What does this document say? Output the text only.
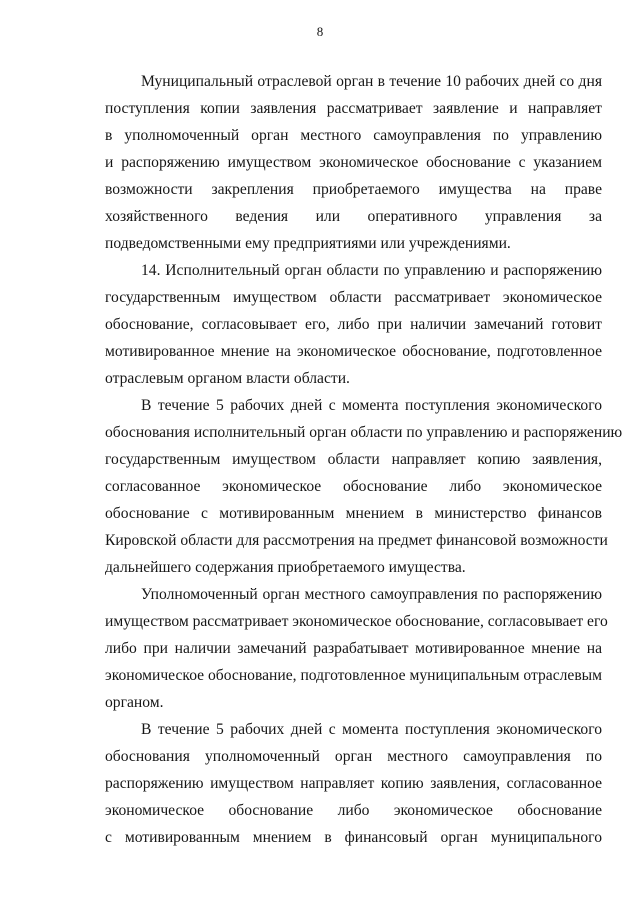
8
Муниципальный отраслевой орган в течение 10 рабочих дней со дня
поступления копии заявления рассматривает заявление и направляет
в уполномоченный орган местного самоуправления по управлению
и распоряжению имуществом экономическое обоснование с указанием
возможности закрепления приобретаемого имущества на праве
хозяйственного ведения или оперативного управления за
подведомственными ему предприятиями или учреждениями.
14. Исполнительный орган области по управлению и распоряжению
государственным имуществом области рассматривает экономическое
обоснование, согласовывает его, либо при наличии замечаний готовит
мотивированное мнение на экономическое обоснование, подготовленное
отраслевым органом власти области.
В течение 5 рабочих дней с момента поступления экономического
обоснования исполнительный орган области по управлению и распоряжению
государственным имуществом области направляет копию заявления,
согласованное экономическое обоснование либо экономическое
обоснование с мотивированным мнением в министерство финансов
Кировской области для рассмотрения на предмет финансовой возможности
дальнейшего содержания приобретаемого имущества.
Уполномоченный орган местного самоуправления по распоряжению
имуществом рассматривает экономическое обоснование, согласовывает его
либо при наличии замечаний разрабатывает мотивированное мнение на
экономическое обоснование, подготовленное муниципальным отраслевым
органом.
В течение 5 рабочих дней с момента поступления экономического
обоснования уполномоченный орган местного самоуправления по
распоряжению имуществом направляет копию заявления, согласованное
экономическое обоснование либо экономическое обоснование
с мотивированным мнением в финансовый орган муниципального
